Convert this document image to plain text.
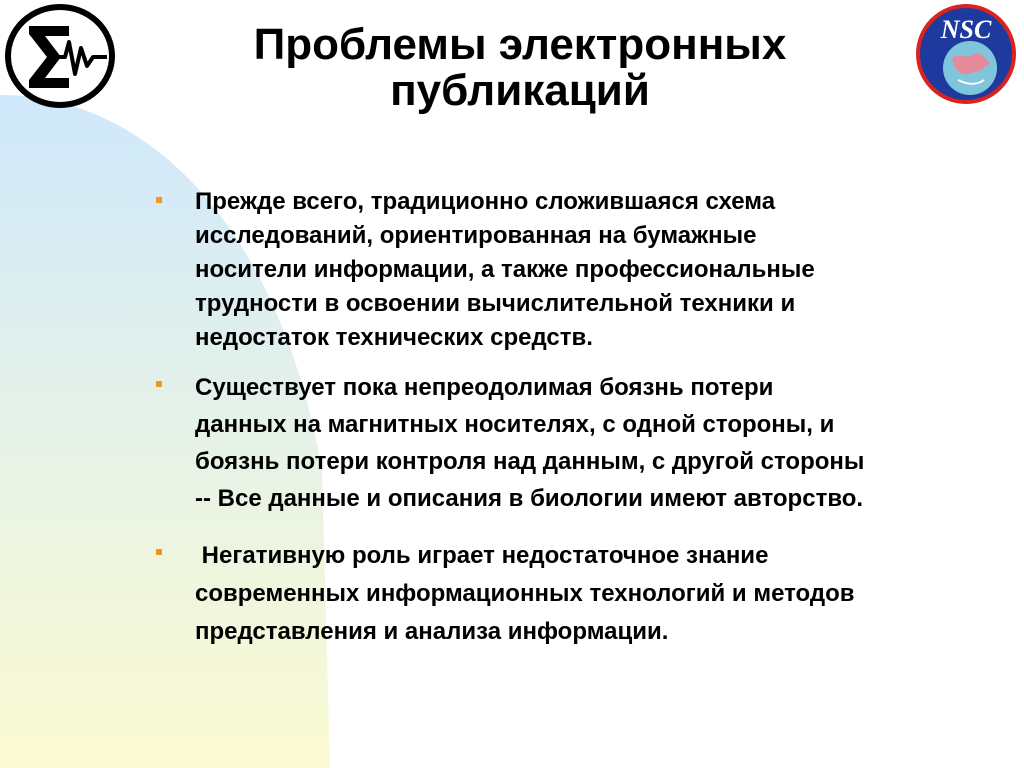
NSC
Проблемы электронных
публикаций
Прежде всего, традиционно сложившаяся схема
исследований, ориентированная на бумажные
носители информации, а также профессиональные
трудности в освоении вычислительной техники и
недостаток технических средств.
Существует пока непреодолимая боязнь потери
данных на магнитных носителях, с одной стороны, и
боязнь потери контроля над данным, с другой стороны
-- Все данные и описания в биологии имеют авторство.
Негативную роль играет недостаточное знание
современных информационных технологий и методов
представления и анализа информации.
